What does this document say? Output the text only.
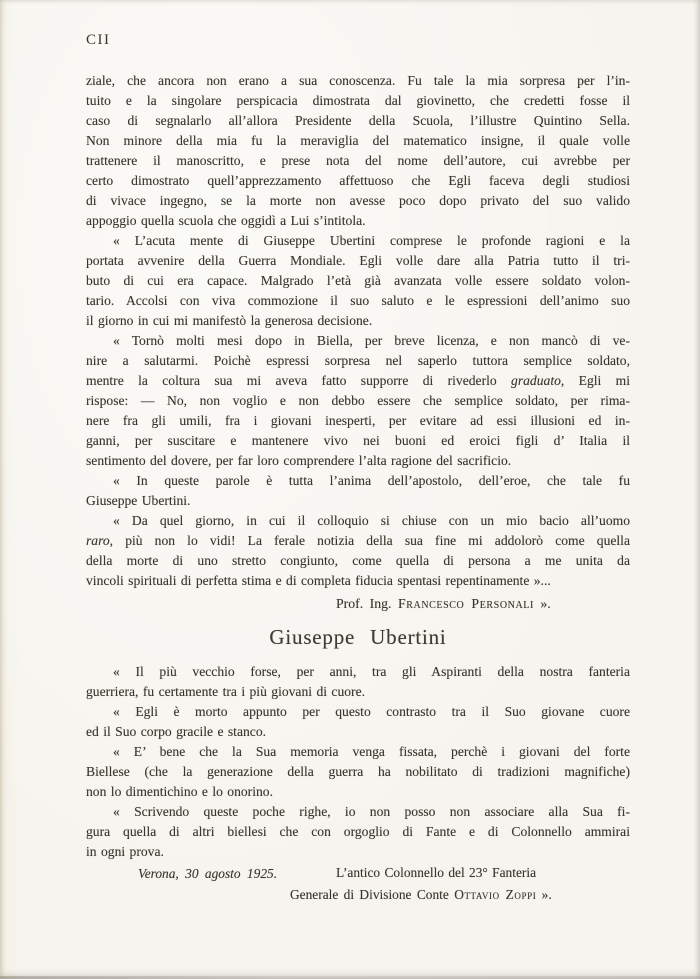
CII
ziale, che ancora non erano a sua conoscenza. Fu tale la mia sorpresa per l’in-
tuito e la singolare perspicacia dimostrata dal giovinetto, che credetti fosse il
caso di segnalarlo all’allora Presidente della Scuola, l’illustre Quintino Sella.
Non minore della mia fu la meraviglia del matematico insigne, il quale volle
trattenere il manoscritto, e prese nota del nome dell’autore, cui avrebbe per
certo dimostrato quell’apprezzamento affettuoso che Egli faceva degli studiosi
di vivace ingegno, se la morte non avesse poco dopo privato del suo valido
appoggio quella scuola che oggidì a Lui s’intitola.
« L’acuta mente di Giuseppe Ubertini comprese le profonde ragioni e la
portata avvenire della Guerra Mondiale. Egli volle dare alla Patria tutto il tri-
buto di cui era capace. Malgrado l’età già avanzata volle essere soldato volon-
tario. Accolsi con viva commozione il suo saluto e le espressioni dell’animo suo
il giorno in cui mi manifestò la generosa decisione.
« Tornò molti mesi dopo in Biella, per breve licenza, e non mancò di ve-
nire a salutarmi. Poichè espressi sorpresa nel saperlo tuttora semplice soldato,
mentre la coltura sua mi aveva fatto supporre di rivederlo graduato, Egli mi
rispose: — No, non voglio e non debbo essere che semplice soldato, per rima-
nere fra gli umili, fra i giovani inesperti, per evitare ad essi illusioni ed in-
ganni, per suscitare e mantenere vivo nei buoni ed eroici figli d’ Italia il
sentimento del dovere, per far loro comprendere l’alta ragione del sacrificio.
« In queste parole è tutta l’anima dell’apostolo, dell’eroe, che tale fu
Giuseppe Ubertini.
« Da quel giorno, in cui il colloquio si chiuse con un mio bacio all’uomo
raro, più non lo vidi! La ferale notizia della sua fine mi addolorò come quella
della morte di uno stretto congiunto, come quella di persona a me unita da
vincoli spirituali di perfetta stima e di completa fiducia spentasi repentinamente »...
Prof. Ing. Francesco Personali ».
Giuseppe Ubertini
« Il più vecchio forse, per anni, tra gli Aspiranti della nostra fanteria
guerriera, fu certamente tra i più giovani di cuore.
« Egli è morto appunto per questo contrasto tra il Suo giovane cuore
ed il Suo corpo gracile e stanco.
« E’ bene che la Sua memoria venga fissata, perchè i giovani del forte
Biellese (che la generazione della guerra ha nobilitato di tradizioni magnifiche)
non lo dimentichino e lo onorino.
« Scrivendo queste poche righe, io non posso non associare alla Sua fi-
gura quella di altri biellesi che con orgoglio di Fante e di Colonnello ammirai
in ogni prova.
Verona, 30 agosto 1925.	L’antico Colonnello del 23° Fanteria
Generale di Divisione Conte Ottavio Zoppi ».
